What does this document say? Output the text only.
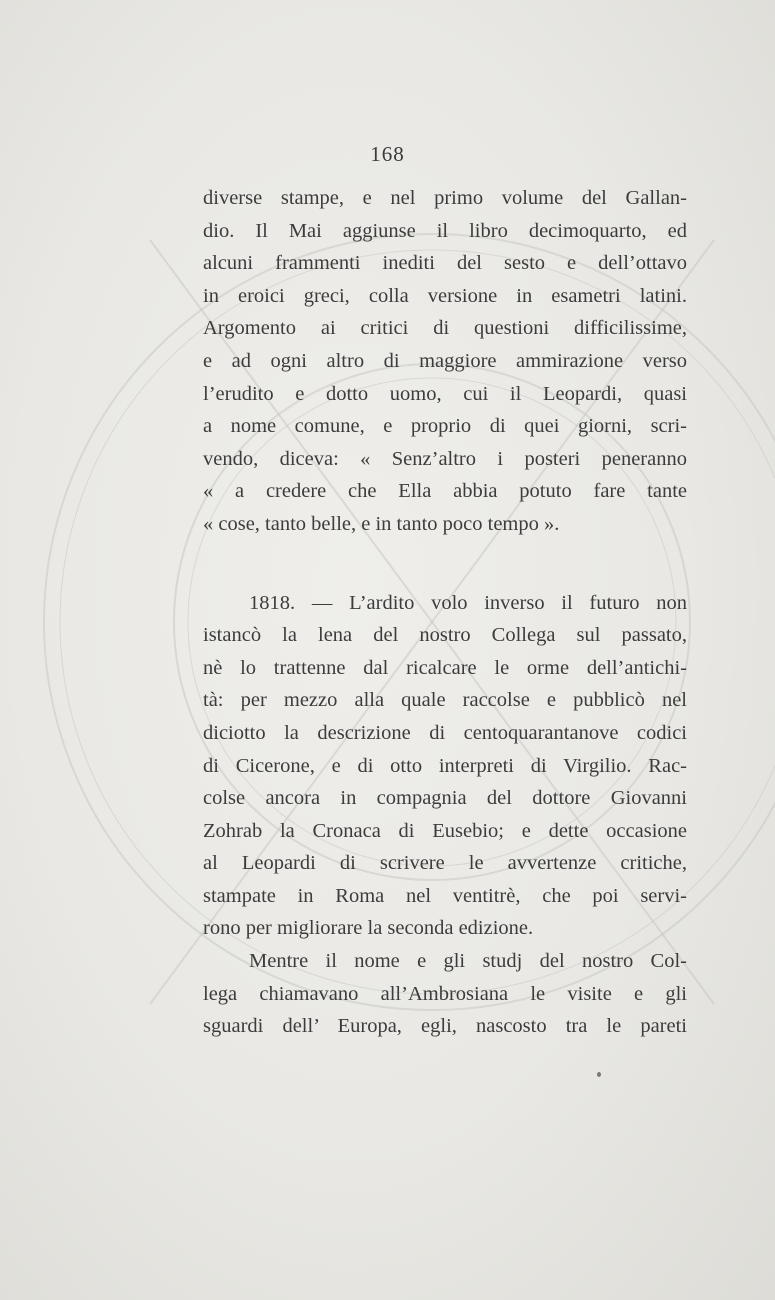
168
diverse stampe, e nel primo volume del Gallan-
dio. Il Mai aggiunse il libro decimoquarto, ed
alcuni frammenti inediti del sesto e dell’ottavo
in eroici greci, colla versione in esametri latini.
Argomento ai critici di questioni difficilissime,
e ad ogni altro di maggiore ammirazione verso
l’erudito e dotto uomo, cui il Leopardi, quasi
a nome comune, e proprio di quei giorni, scri-
vendo, diceva: « Senz’altro i posteri peneranno
« a credere che Ella abbia potuto fare tante
« cose, tanto belle, e in tanto poco tempo ».
1818. — L’ardito volo inverso il futuro non
istancò la lena del nostro Collega sul passato,
nè lo trattenne dal ricalcare le orme dell’antichi-
tà: per mezzo alla quale raccolse e pubblicò nel
diciotto la descrizione di centoquarantanove codici
di Cicerone, e di otto interpreti di Virgilio. Rac-
colse ancora in compagnia del dottore Giovanni
Zohrab la Cronaca di Eusebio; e dette occasione
al Leopardi di scrivere le avvertenze critiche,
stampate in Roma nel ventitrè, che poi servi-
rono per migliorare la seconda edizione.
Mentre il nome e gli studj del nostro Col-
lega chiamavano all’Ambrosiana le visite e gli
sguardi dell’ Europa, egli, nascosto tra le pareti
